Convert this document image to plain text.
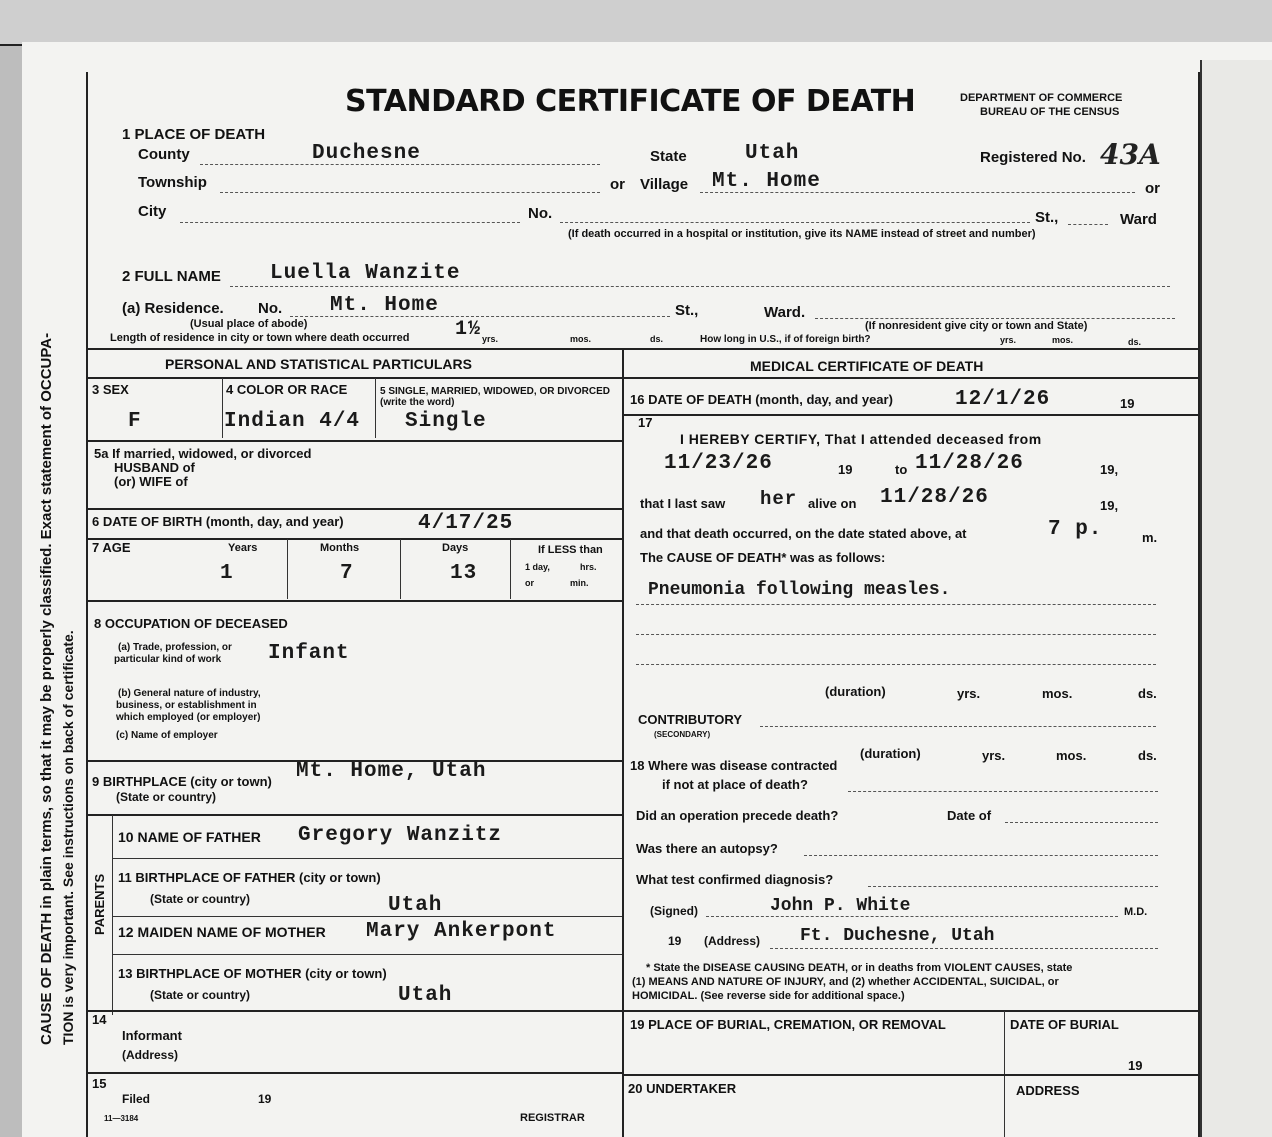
CAUSE OF DEATH in plain terms, so that it may be properly classified. Exact statement of OCCUPA- TION is very important. See instructions on back of certificate.
STANDARD CERTIFICATE OF DEATH	DEPARTMENT OF COMMERCE
BUREAU OF THE CENSUS
Registered No. 43A
1 PLACE OF DEATH
County	Duchesne	State	Utah
Township	or Village Mt. Home	or
City	No.	St.,	Ward
(If death occurred in a hospital or institution, give its NAME instead of street and number)
2 FULL NAME Luella Wanzite
(a) Residence. No. Mt. Home	St.,	Ward.
(Usual place of abode)	(If nonresident give city or town and State)
Length of residence in city or town where death occurred 1½ yrs.	mos.	ds.	How long in U.S., if of foreign birth?	yrs.	mos.	ds.
PERSONAL AND STATISTICAL PARTICULARS
3 SEX
F
4 COLOR OR RACE
Indian 4/4
5 SINGLE, MARRIED, WIDOWED, OR DIVORCED (write the word)
Single
5a If married, widowed, or divorced
HUSBAND of
(or) WIFE of
6 DATE OF BIRTH (month, day, and year)	4/17/25
7 AGE	Years	Months	Days	If LESS than
1 day,	hrs.
or	min.
1	7	13
8 OCCUPATION OF DECEASED
(a) Trade, profession, or
particular kind of work Infant
(b) General nature of industry,
business, or establishment in
which employed (or employer)
(c) Name of employer
9 BIRTHPLACE (city or town)
(State or country)
Mt. Home, Utah
PARENTS
10 NAME OF FATHER Gregory Wanzitz
11 BIRTHPLACE OF FATHER (city or town)
(State or country)	Utah
12 MAIDEN NAME OF MOTHER Mary Ankerpont
13 BIRTHPLACE OF MOTHER (city or town)
(State or country)	Utah
14
Informant
(Address)
15
Filed	19
REGISTRAR
11—3184
MEDICAL CERTIFICATE OF DEATH
16 DATE OF DEATH (month, day, and year)	12/1/26	19
17
I HEREBY CERTIFY, That I attended deceased from
11/23/26	19	to 11/28/26	19,
that I last saw her alive on 11/28/26	19,
and that death occurred, on the date stated above, at	7 p.	m.
The CAUSE OF DEATH* was as follows:
Pneumonia following measles.
(duration)	yrs.	mos.	ds.
CONTRIBUTORY
(SECONDARY)
(duration)	yrs.	mos.	ds.
18 Where was disease contracted
if not at place of death?
Did an operation precede death?	Date of
Was there an autopsy?
What test confirmed diagnosis?
(Signed)	John P. White	M.D.
19 (Address) Ft. Duchesne, Utah
* State the DISEASE CAUSING DEATH, or in deaths from VIOLENT CAUSES, state
(1) MEANS AND NATURE OF INJURY, and (2) whether ACCIDENTAL, SUICIDAL, or
HOMICIDAL. (See reverse side for additional space.)
19 PLACE OF BURIAL, CREMATION, OR REMOVAL	DATE OF BURIAL
19
20 UNDERTAKER	ADDRESS
